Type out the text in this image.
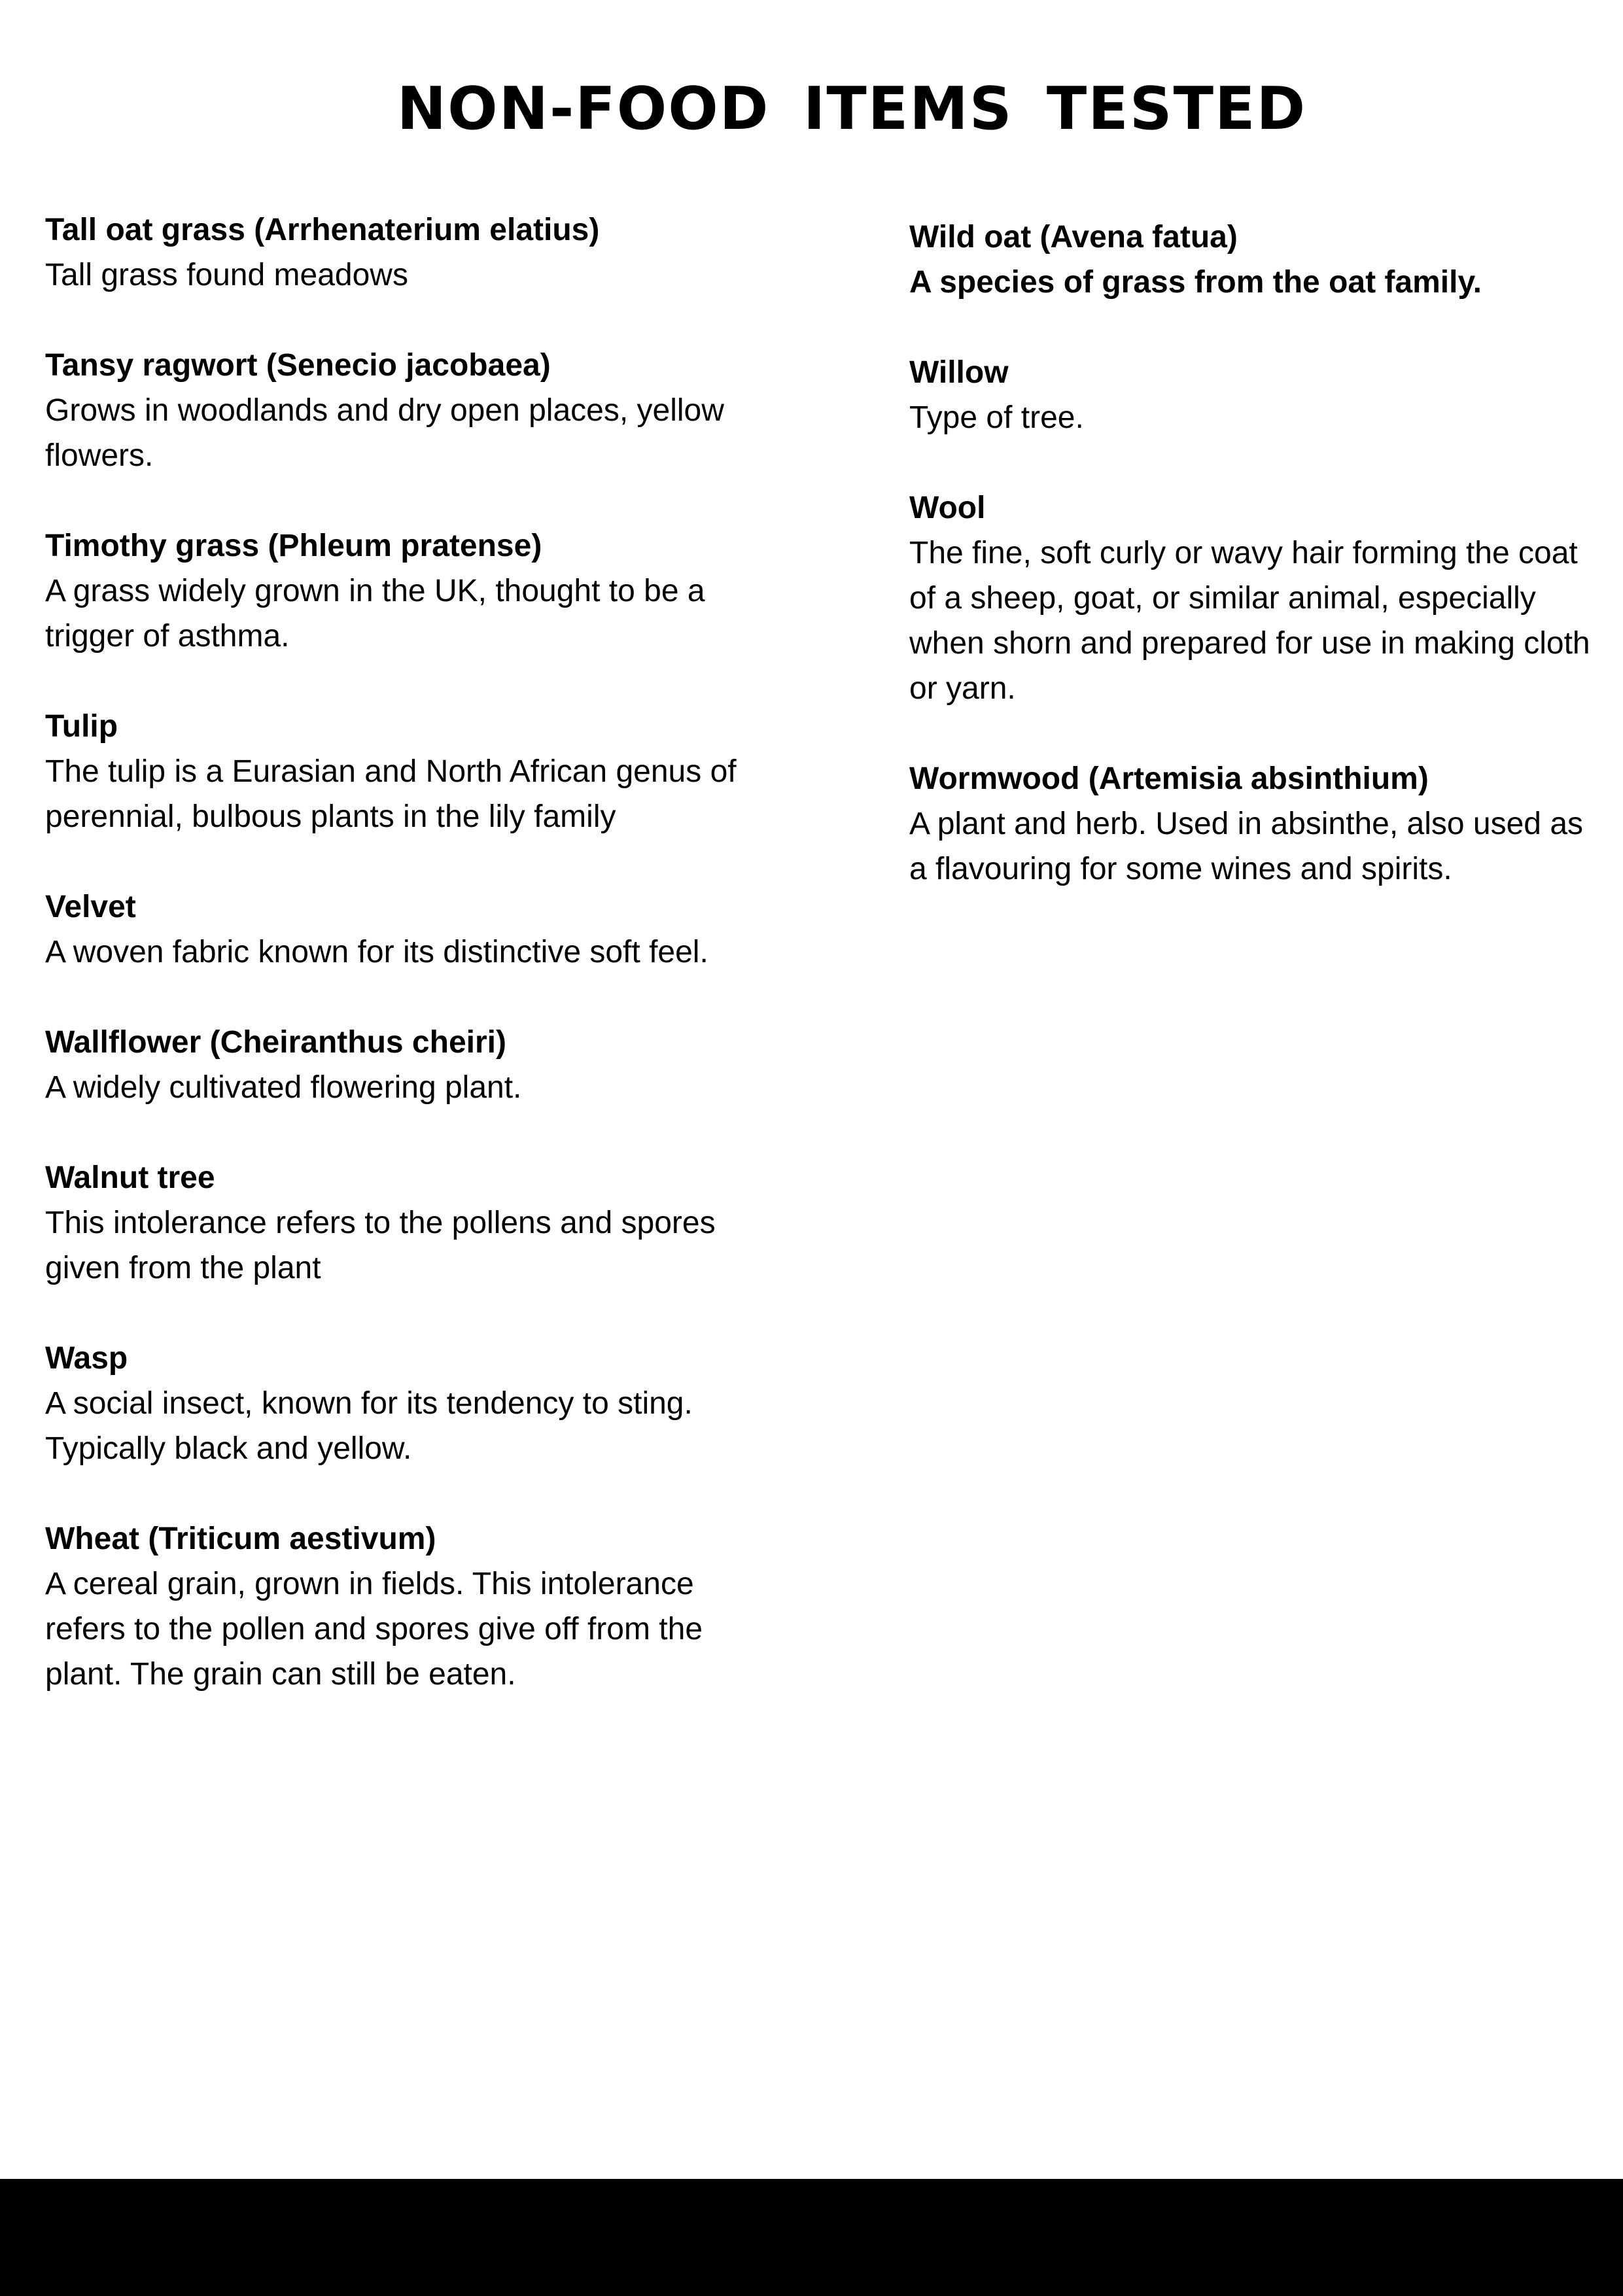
NON-FOOD ITEMS TESTED

Tall oat grass (Arrhenaterium elatius)

Tall grass found meadows

Tansy ragwort (Senecio jacobaea)

Grows in woodlands and dry open places, yellow flowers.

Timothy grass (Phleum pratense)

A grass widely grown in the UK, thought to be a trigger of asthma.

Tulip

The tulip is a Eurasian and North African genus of perennial, bulbous plants in the lily family

Velvet

A woven fabric known for its distinctive soft feel.

Wallflower (Cheiranthus cheiri)

A widely cultivated flowering plant.

Walnut tree

This intolerance refers to the pollens and spores given from the plant

Wasp

A social insect, known for its tendency to sting. Typically black and yellow.

Wheat (Triticum aestivum)

A cereal grain, grown in fields. This intolerance refers to the pollen and spores give off from the plant. The grain can still be eaten.

Wild oat (Avena fatua)

A species of grass from the oat family.

Willow

Type of tree.

Wool

The fine, soft curly or wavy hair forming the coat of a sheep, goat, or similar animal, especially when shorn and prepared for use in making cloth or yarn.

Wormwood (Artemisia absinthium)

A plant and herb. Used in absinthe, also used as a flavouring for some wines and spirits.
